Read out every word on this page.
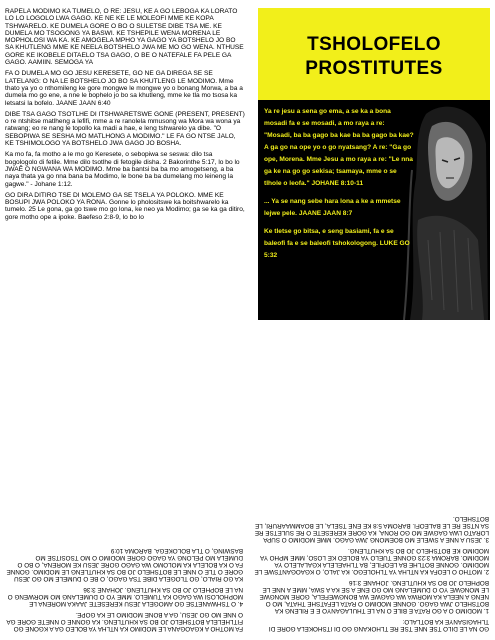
RAPELA MODIMO KA TUMELO, O RE: JESU, KE A GO LEBOGA KA LORATO LO LO LOGOLO LWA GAGO. KE NE KE LE MOLEOFI MME KE KOPA TSHWARELO. KE DUMELA GORE O BO O SULETSE DIBE TSA ME. KE DUMELA MO TSOGONG YA BASWI. KE TSHEPILE WENA MORENA LE MOPHOLOSI WA KA. KE AMOGELA MPHO YA GAGO YA BOTSHELO JO BO SA KHUTLENG MME KE NEELA BOTSHELO JWA ME MO GO WENA. NTHUSE GORE KE IKOBELE DITAELO TSA GAGO, O BE O NATEFALE FA PELE GA GAGO. AAMIIN. SEMOGA YA

FA O DUMELA MO GO JESU KERESETE, GO NE GA DIREGA SE SE LATELANG: O NA LE BOTSHELO JO BO SA KHUTLENG LE MODIMO. Mme thato ya yo o nthomileng ke gore mongwe le mongwe yo o bonang Morwa, a ba a dumela mo go ene, a nne le bophelo jo bo sa khutleng, mme ke tla mo tsosa ka letsatsi la bofelo. JAANE JAAN 6:40

DIBE TSA GAGO TSOTLHE DI ITSHWARETSWE GONE (PRESENT, PRESENT) o re ntshitse matlheng a lefifi, mme a re ranolela mmusong wa Mora wa wona ya ratwang; eo re nang le topollo ka madi a hae, e leng tshwarelo ya dibe. "O SEBOPIWA SE SESHA MO MATLHONG A MODIMO." LE FA GO NTSE JALO, KE TSHIMOLOGO YA BOTSHELO JWA GAGO JO BOSHA.

Ka mo fa, fa motho a le mo go Keresete, o sebopiwa se seswa: dilo tsa bogologolo di fetile. Mme dilo tsotlhe di fetogile disha. 2 Bakorinthe 5:17, lo bo lo JWAÊ O NGWANA WA MODIMO. Mme ba bantsi ba ba mo amogetseng, a ba naya thata ya go nna bana ba Modimo, le bone ba ba dumelang mo leineng la gagwe." - Johane 1:12.

GO DIRA DITIRO TSE DI MOLEMO GA SE TSELA YA POLOKO. MME KE BOSUPI JWA POLOKO YA RONA. Gonne lo pholositswe ka boitshwarelo ka tumelo. 25 Le gona, ga go tswe mo go lona, ke neo ya Modimo; ga se ka ga ditiro, gore motho ope a ipoke. Baefeso 2:8-9, lo bo lo

TSHOLOFELO
PROSTITUTES

Ya re jesu a sena go ema, a se ka a bona mosadi fa e se mosadi, a mo raya a re: "Mosadi, ba ba gago ba kae ba ba gago ba kae? A ga go na ope yo o go nyatsang? A re: "Ga go ope, Morena. Mme Jesu a mo raya a re: "Le nna ga ke na go go sekisa; tsamaya, mme o se tlhole o leofa." JOHANE 8:10-11

... Ya se nang sebe hara lona a ke a mmetse lejwe pele. JAANE JAAN 8:7

Ke tletse go bitsa, e seng basiami, fa e se baleofi fa e se baleofi tshokologong. LUKE GO 5:32

GO NA LE DILO TSE NNE TSE RE TLHOKANG GO DI ITSHOKELA GORE DI TLHAGISANYE KA BOTLALO:

1. MODIMO O A GO RATA E BILE O NA LE THULAGANYO E E RILENG KA BOTSHELO JWA GAGO. GONNE MODIMO O RATA LEFATSHE THATA, MO O NENG A NEELA KA MORWA WA GAGWE WA BONGWEFELA, GORE MONGWE LE MONGWE YO O DUMELANG MO GO ENE A SE KA A SWA, MME A NNE LE BOPHELO JO BO SA KHUTLENG. JOHANE 3:16

2. MOTHO O LEOFA KA NTLHA YA TLHOLEGO. KA JALO, O KGAOGANTSWE LE MODIMO. GONNE BOTLHE BA LEOFILE, BA TLHAELELA KGALALELO YA MODIMO. BAROMA 3:23 GONNE TUELO YA BOLEO KE LOSO, MME MPHO YA MODIMO KE BOTSHELO JO BO SA KHUTLENG.

3. JESU A NNE A SWELE MO BOEMONG JWA GAGO. MME MODIMO O SUPA LORATO LWA GAGWE MO GO RONA, KA GORE KERESETE O RE SULETSE RE SA NTSE RE LE BALEOFI. BAROMA 5:8 KE ENE TSELA, LE BOAMMAARURI, LE BOTSHELO.

FA MOTHO A KGAOGANA LE MODIMO KA NTLHA YA BOLEO GA A KGONE GO FITLHELELA BOTSHELO JO BO SA KHUTLENG. KA GONNE O NNETE GORE GA O NNE MO GO JESU, GA A BONE MODIMO LE KA GOPE.

4. O TSHWANETSE GO AMOGELA JESU KERESETE JAAKA MORENA LE MOPHOLOSI WA GAGO KA TUMELO. MME YO O DUMELANG MO MORWENG O NA LE BOPHELO JO BO SA KHUTLENG. JOHANE 3:36

KA GO RIALO, GO TLOGELA DIBE TSA GAGO, O BE O DUMELE MO GO JESU GORE O TLE O NNE LE BOTSHELO JO BO SA KHUTLENG LE MODIMO. GONNE FA O KA BOLELA KA MOLOMO WA GAGO GORE JESU KE MORENA, O BO O DUMELA MO PELONG YA GAGO GORE MODIMO O MO TSOSITSE MO BASWING, O TLA BOLOKEGA. BAROMA 10:9
